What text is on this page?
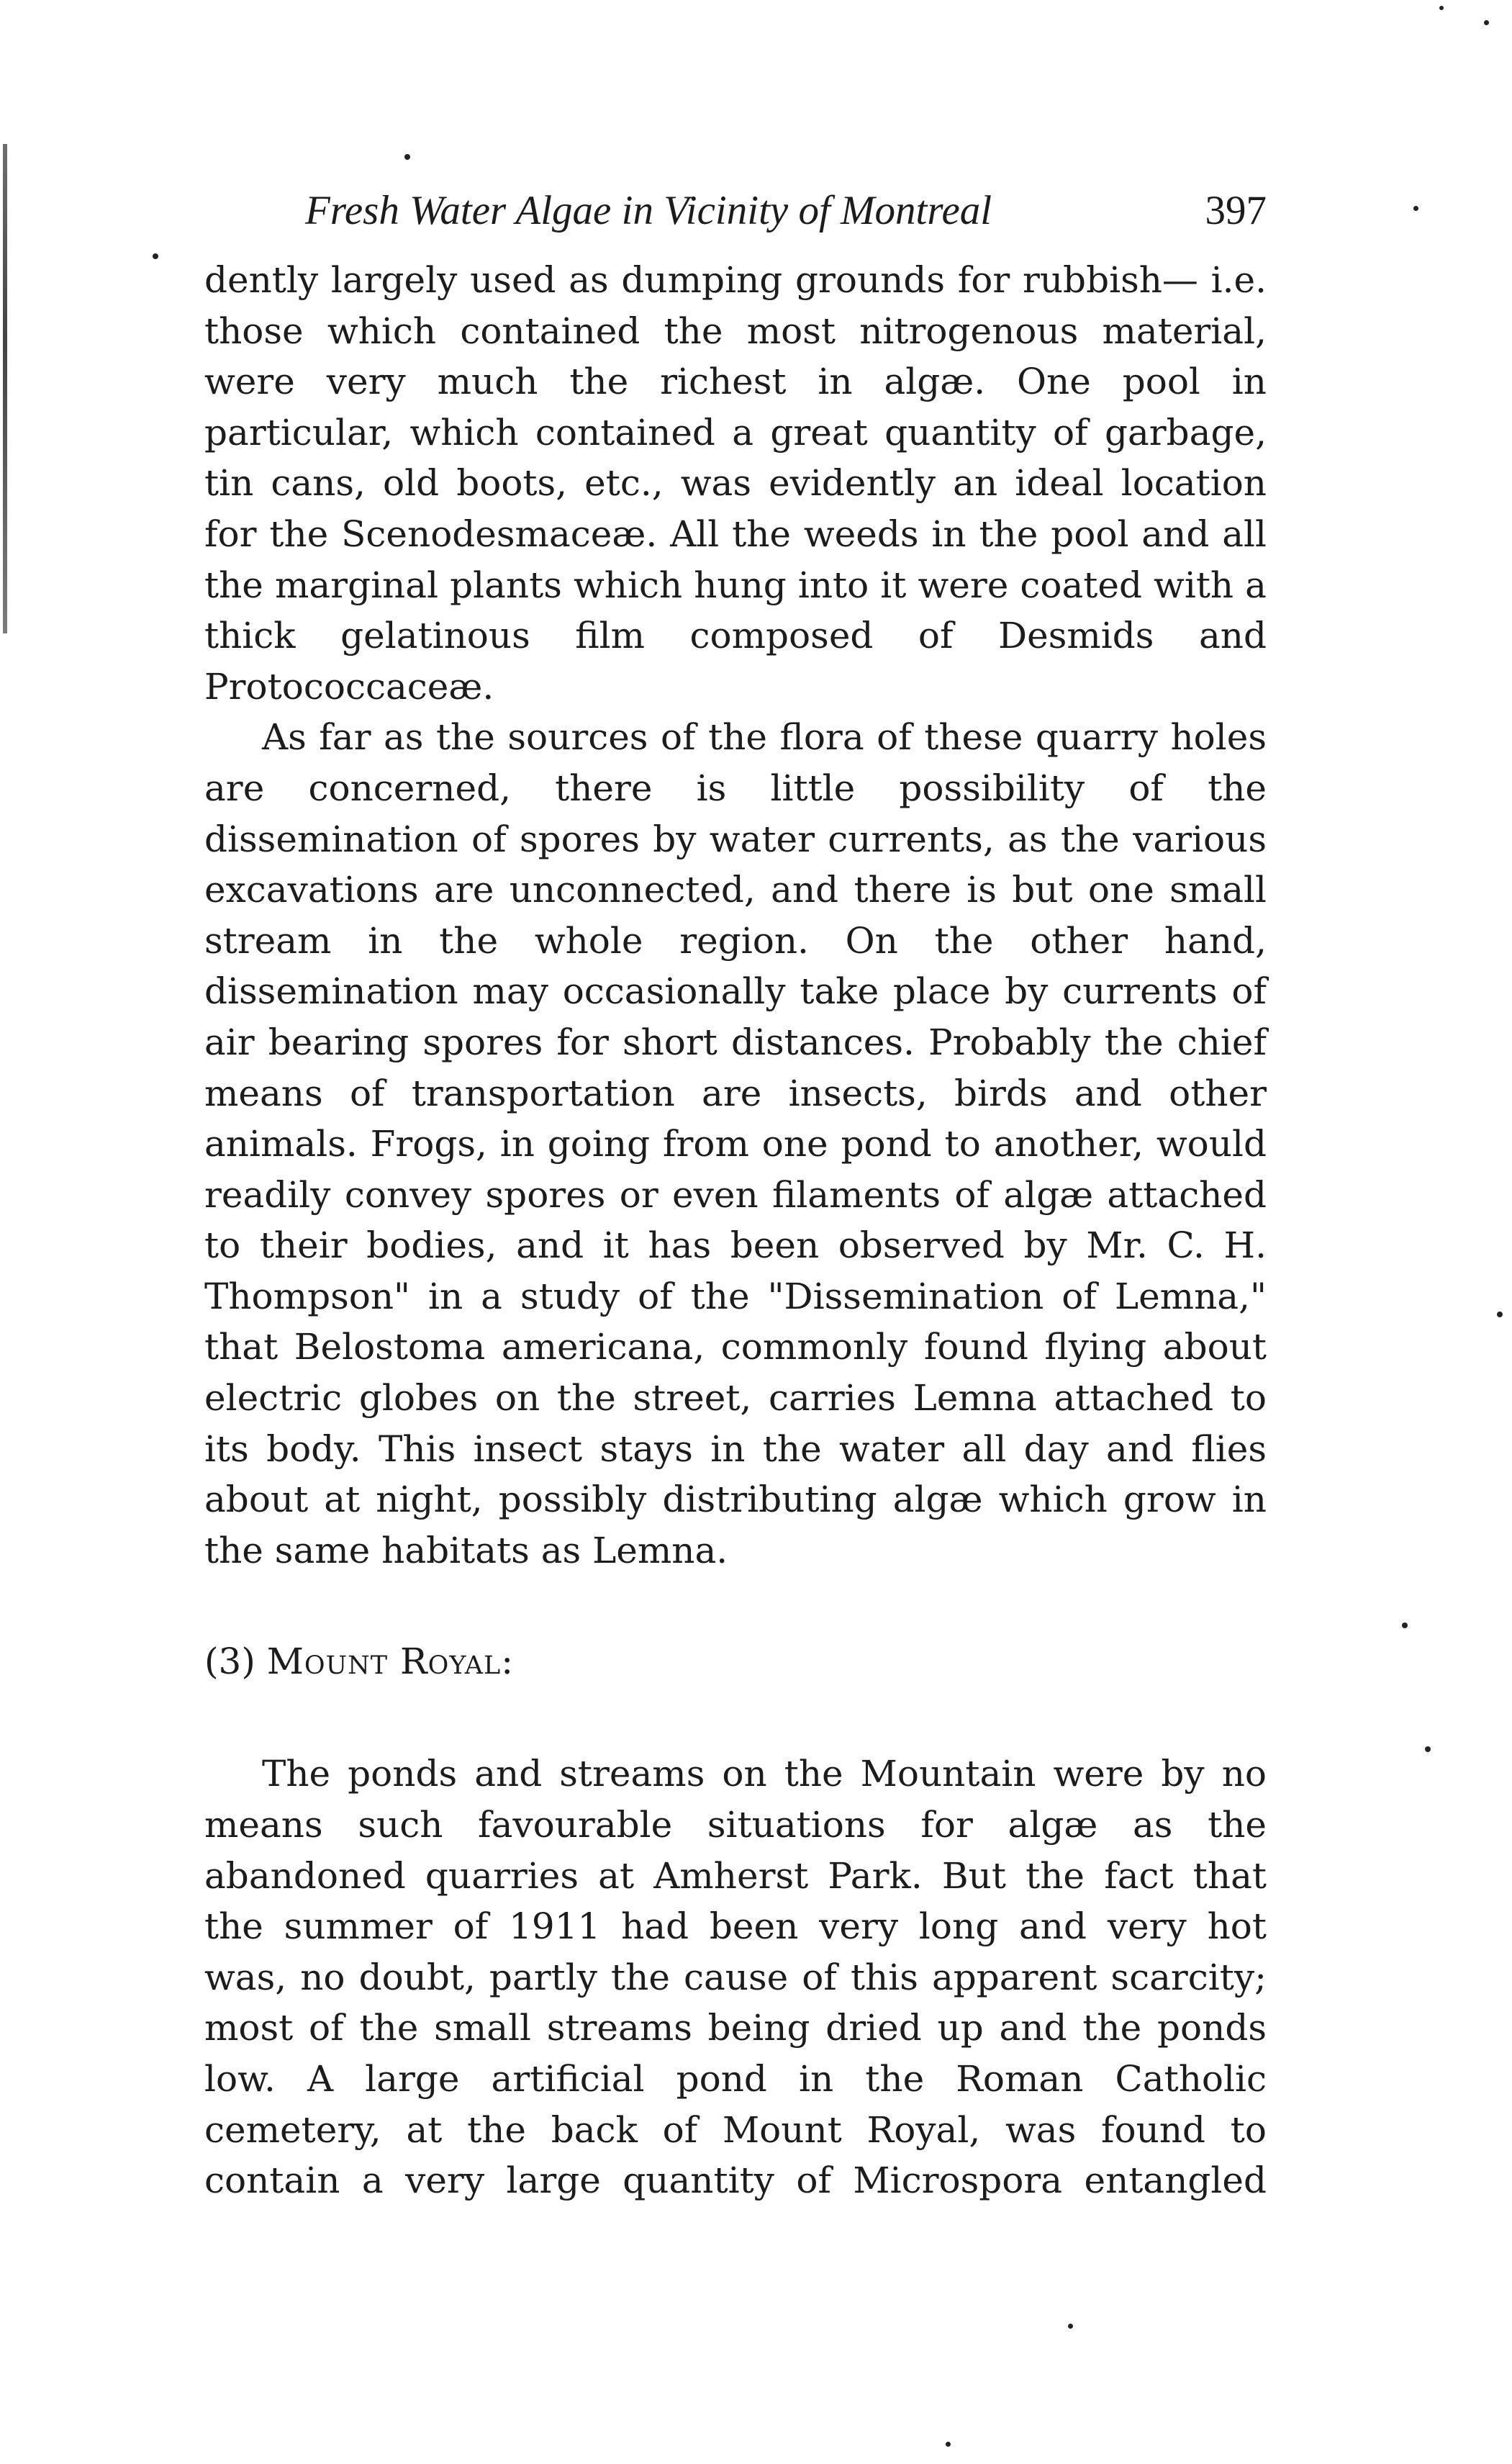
Fresh Water Algae in Vicinity of Montreal	397

dently largely used as dumping grounds for rubbish— i.e. those which contained the most nitrogenous material, were very much the richest in algæ. One pool in particular, which contained a great quantity of garbage, tin cans, old boots, etc., was evidently an ideal location for the Scenodesmaceæ. All the weeds in the pool and all the marginal plants which hung into it were coated with a thick gelatinous film composed of Desmids and Protococcaceæ.

As far as the sources of the flora of these quarry holes are concerned, there is little possibility of the dissemination of spores by water currents, as the various excavations are unconnected, and there is but one small stream in the whole region. On the other hand, dissemination may occasionally take place by currents of air bearing spores for short distances. Probably the chief means of transportation are insects, birds and other animals. Frogs, in going from one pond to another, would readily convey spores or even filaments of algæ attached to their bodies, and it has been observed by Mr. C. H. Thompson" in a study of the "Dissemination of Lemna," that Belostoma americana, commonly found flying about electric globes on the street, carries Lemna attached to its body. This insect stays in the water all day and flies about at night, possibly distributing algæ which grow in the same habitats as Lemna.

(3) Mount Royal:

The ponds and streams on the Mountain were by no means such favourable situations for algæ as the abandoned quarries at Amherst Park. But the fact that the summer of 1911 had been very long and very hot was, no doubt, partly the cause of this apparent scarcity; most of the small streams being dried up and the ponds low. A large artificial pond in the Roman Catholic cemetery, at the back of Mount Royal, was found to contain a very large quantity of Microspora entangled
